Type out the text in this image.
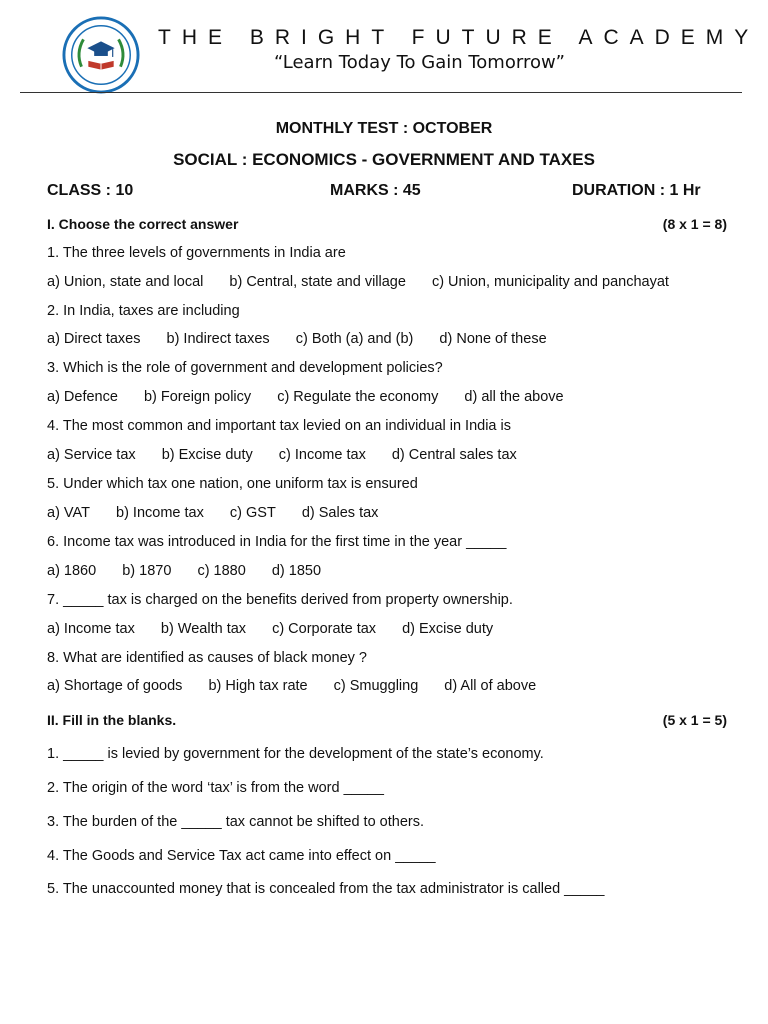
THE BRIGHT FUTURE ACADEMY
“Learn Today To Gain Tomorrow”
MONTHLY TEST : OCTOBER
SOCIAL : ECONOMICS - GOVERNMENT AND TAXES
CLASS : 10	MARKS : 45	DURATION : 1 Hr
I. Choose the correct answer	(8 x 1 = 8)
1. The three levels of governments in India are
a) Union, state and local b) Central, state and village c) Union, municipality and panchayat
2. In India, taxes are including
a) Direct taxes b) Indirect taxes c) Both (a) and (b) d) None of these
3. Which is the role of government and development policies?
a) Defence b) Foreign policy c) Regulate the economy d) all the above
4. The most common and important tax levied on an individual in India is
a) Service tax b) Excise duty c) Income tax d) Central sales tax
5. Under which tax one nation, one uniform tax is ensured
a) VAT b) Income tax c) GST d) Sales tax
6. Income tax was introduced in India for the first time in the year _____
a) 1860 b) 1870 c) 1880 d) 1850
7. _____ tax is charged on the benefits derived from property ownership.
a) Income tax b) Wealth tax c) Corporate tax d) Excise duty
8. What are identified as causes of black money ?
a) Shortage of goods b) High tax rate c) Smuggling d) All of above
II. Fill in the blanks.	(5 x 1 = 5)
1. _____ is levied by government for the development of the state’s economy.
2. The origin of the word ‘tax’ is from the word _____
3. The burden of the _____ tax cannot be shifted to others.
4. The Goods and Service Tax act came into effect on _____
5. The unaccounted money that is concealed from the tax administrator is called _____
